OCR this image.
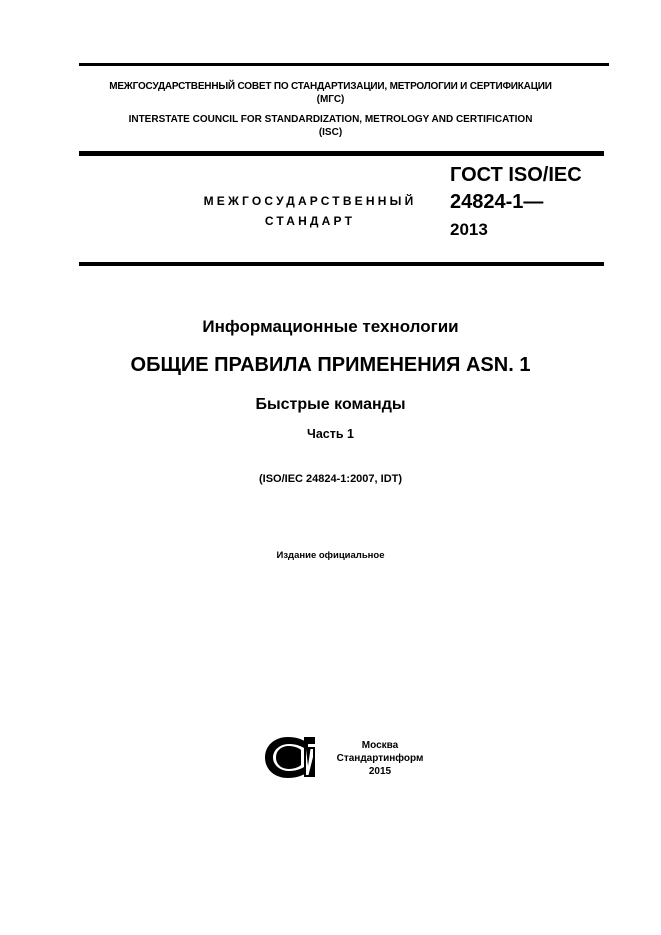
МЕЖГОСУДАРСТВЕННЫЙ СОВЕТ ПО СТАНДАРТИЗАЦИИ, МЕТРОЛОГИИ И СЕРТИФИКАЦИИ
(МГС)
INTERSTATE COUNCIL FOR STANDARDIZATION, METROLOGY AND CERTIFICATION
(ISC)
МЕЖГОСУДАРСТВЕННЫЙ
СТАНДАРТ
ГОСТ ISO/IEC
24824-1—
2013
Информационные технологии
ОБЩИЕ ПРАВИЛА ПРИМЕНЕНИЯ ASN. 1
Быстрые команды
Часть 1
(ISO/IEC 24824-1:2007, IDT)
Издание официальное
Москва
Стандартинформ
2015
